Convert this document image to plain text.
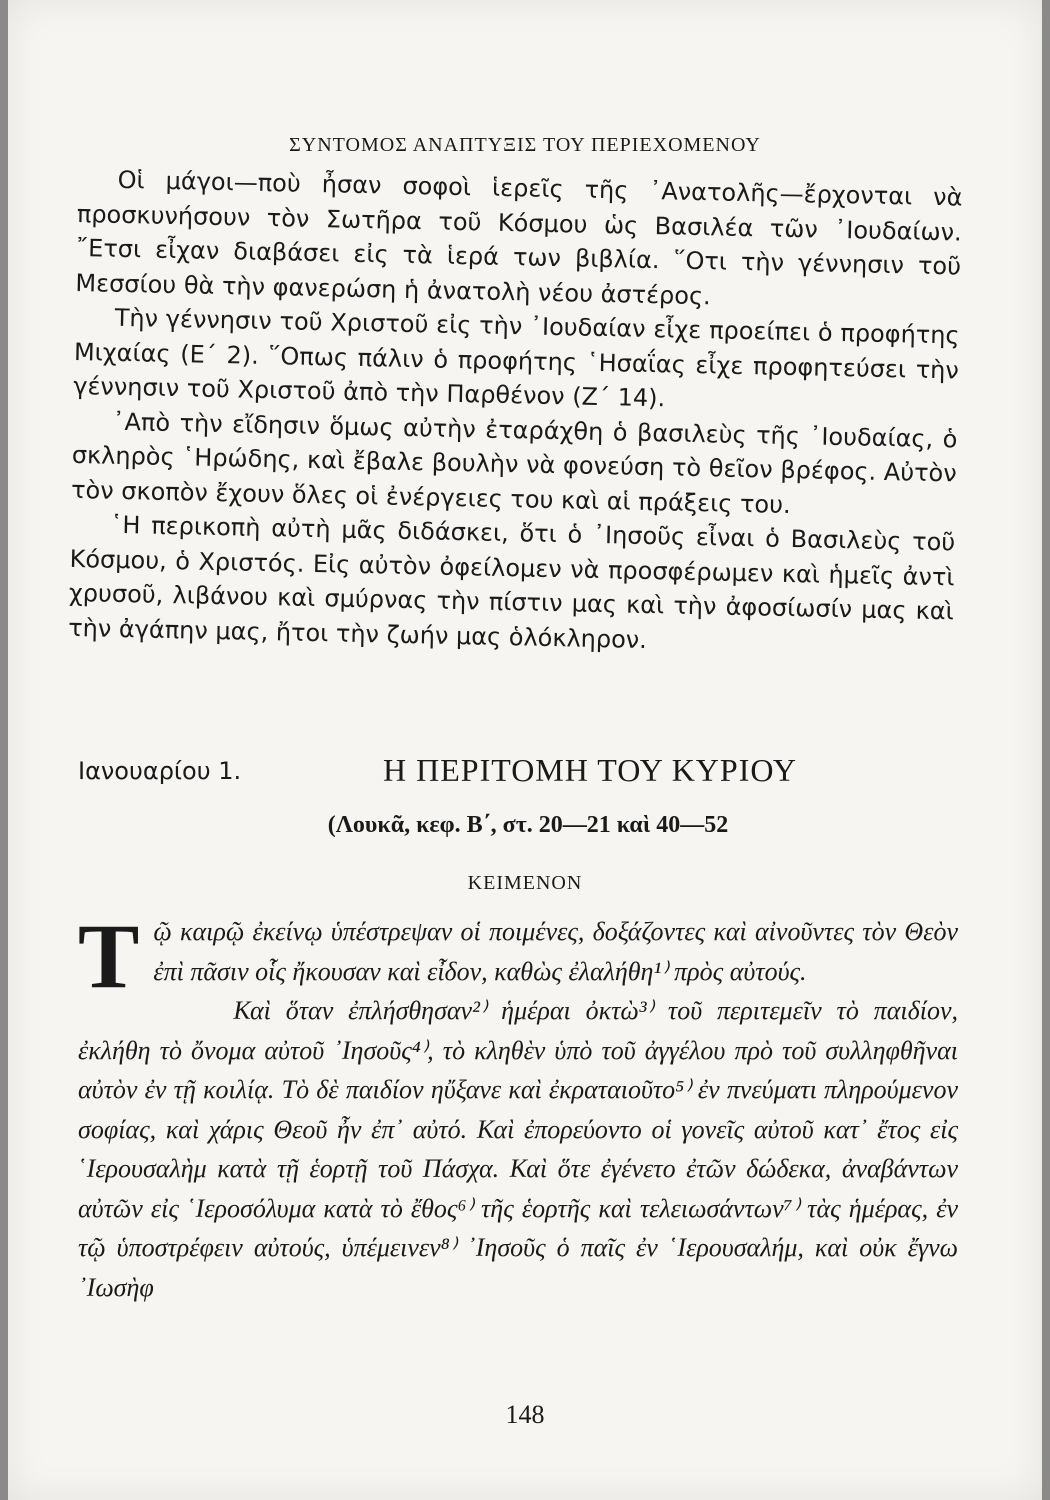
ΣΥΝΤΟΜΟΣ ΑΝΑΠΤΥΞΙΣ ΤΟΥ ΠΕΡΙΕΧΟΜΕΝΟΥ

Οἱ μάγοι—ποὺ ἦσαν σοφοὶ ἱερεῖς τῆς ᾿Ανατολῆς—ἔρχονται νὰ προσκυνήσουν τὸν Σωτῆρα τοῦ Κόσμου ὡς Βασιλέα τῶν ᾿Ιουδαίων. ῎Ετσι εἶχαν διαβάσει εἰς τὰ ἱερά των βιβλία. ῞Οτι τὴν γέννησιν τοῦ Μεσσίου θὰ τὴν φανερώση ἡ ἀνατολὴ νέου ἀστέρος.

Τὴν γέννησιν τοῦ Χριστοῦ εἰς τὴν ᾿Ιουδαίαν εἶχε προείπει ὁ προφήτης Μιχαίας (Ε΄ 2). ῞Οπως πάλιν ὁ προφήτης ῾Ησαΐας εἶχε προφητεύσει τὴν γέννησιν τοῦ Χριστοῦ ἀπὸ τὴν Παρθένον (Ζ΄ 14).

᾿Απὸ τὴν εἴδησιν ὅμως αὐτὴν ἐταράχθη ὁ βασιλεὺς τῆς ᾿Ιουδαίας, ὁ σκληρὸς ῾Ηρώδης, καὶ ἔβαλε βουλὴν νὰ φονεύση τὸ θεῖον βρέφος. Αὐτὸν τὸν σκοπὸν ἔχουν ὅλες οἱ ἐνέργειες του καὶ αἱ πράξεις του.

῾Η περικοπὴ αὐτὴ μᾶς διδάσκει, ὅτι ὁ ᾿Ιησοῦς εἶναι ὁ Βασιλεὺς τοῦ Κόσμου, ὁ Χριστός. Εἰς αὐτὸν ὀφείλομεν νὰ προσφέρωμεν καὶ ἡμεῖς ἀντὶ χρυσοῦ, λιβάνου καὶ σμύρνας τὴν πίστιν μας καὶ τὴν ἀφοσίωσίν μας καὶ τὴν ἀγάπην μας, ἤτοι τὴν ζωήν μας ὁλόκληρον.

Ιανουαρίου 1.	Η ΠΕΡΙΤΟΜΗ ΤΟΥ ΚΥΡΙΟΥ
(Λουκᾶ, κεφ. Β΄, στ. 20—21 καὶ 40—52
ΚΕΙΜΕΝΟΝ

Τῷ καιρῷ ἐκείνῳ ὑπέστρεψαν οἱ ποιμένες, δοξάζοντες καὶ αἰνοῦντες τὸν Θεὸν ἐπὶ πᾶσιν οἷς ἤκουσαν καὶ εἶδον, καθὼς ἐλαλήθη¹⁾ πρὸς αὐτούς.

Καὶ ὅταν ἐπλήσθησαν²⁾ ἡμέραι ὀκτὼ³⁾ τοῦ περιτεμεῖν τὸ παιδίον, ἐκλήθη τὸ ὄνομα αὐτοῦ ᾿Ιησοῦς⁴⁾, τὸ κληθὲν ὑπὸ τοῦ ἀγγέλου πρὸ τοῦ συλληφθῆναι αὐτὸν ἐν τῇ κοιλίᾳ. Τὸ δὲ παιδίον ηὔξανε καὶ ἐκραταιοῦτο⁵⁾ ἐν πνεύματι πληρούμενον σοφίας, καὶ χάρις Θεοῦ ἦν ἐπ᾿ αὐτό. Καὶ ἐπορεύοντο οἱ γονεῖς αὐτοῦ κατ᾿ ἔτος εἰς ῾Ιερουσαλὴμ κατὰ τῇ ἑορτῇ τοῦ Πάσχα. Καὶ ὅτε ἐγένετο ἐτῶν δώδεκα, ἀναβάντων αὐτῶν εἰς ῾Ιεροσόλυμα κατὰ τὸ ἔθος⁶⁾ τῆς ἑορτῆς καὶ τελειωσάντων⁷⁾ τὰς ἡμέρας, ἐν τῷ ὑποστρέφειν αὐτούς, ὑπέμεινεν⁸⁾ ᾿Ιησοῦς ὁ παῖς ἐν ῾Ιερουσαλήμ, καὶ οὐκ ἔγνω ᾿Ιωσὴφ

148
